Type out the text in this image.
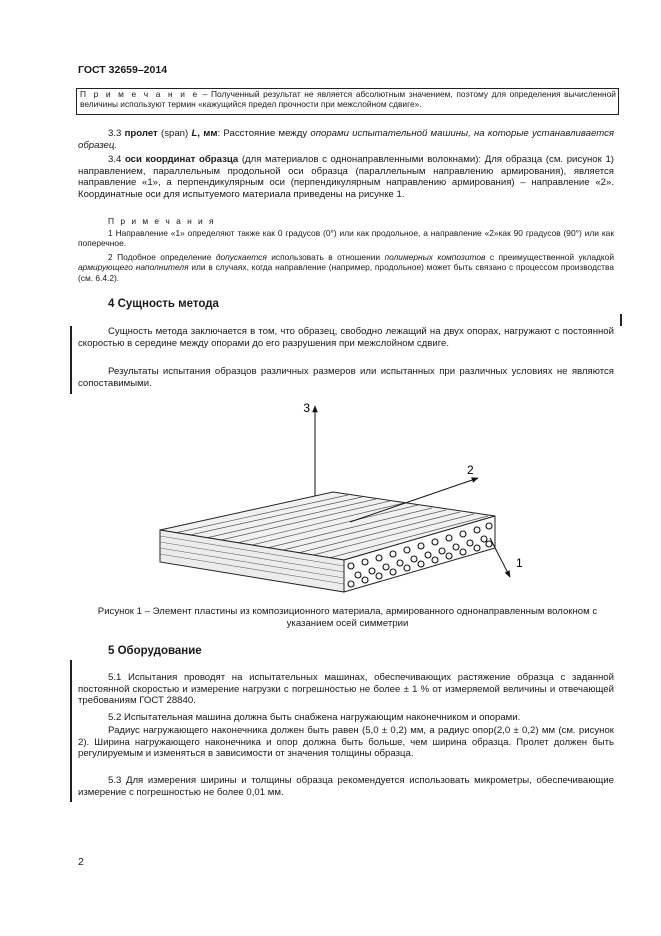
ГОСТ 32659–2014
П р и м е ч а н и е – Полученный результат не является абсолютным значением, поэтому для определения вычисленной величины используют термин «кажущийся предел прочности при межслойном сдвиге».
3.3 пролет (span) L, мм: Расстояние между опорами испытательной машины, на которые устанавливается образец.
3.4 оси координат образца (для материалов с однонаправленными волокнами): Для образца (см. рисунок 1) направлением, параллельным продольной оси образца (параллельным направлению армирования), является направление «1», а перпендикулярным оси (перпендикулярным направлению армирования) – направление «2». Координатные оси для испытуемого материала приведены на рисунке 1.
П р и м е ч а н и я
1 Направление «1» определяют также как 0 градусов (0°) или как продольное, а направление «2»как 90 градусов (90°) или как поперечное.
2 Подобное определение допускается использовать в отношении полимерных композитов с преимущественной укладкой армирующего наполнителя или в случаях, когда направление (например, продольное) может быть связано с процессом производства (см. 6.4.2).
4 Сущность метода
Сущность метода заключается в том, что образец, свободно лежащий на двух опорах, нагружают с постоянной скоростью в середине между опорами до его разрушения при межслойном сдвиге.
Результаты испытания образцов различных размеров или испытанных при различных условиях не являются сопоставимыми.
3
2
1
Рисунок 1 – Элемент пластины из композиционного материала, армированного однонаправленным волокном с указанием осей симметрии
5 Оборудование
5.1 Испытания проводят на испытательных машинах, обеспечивающих растяжение образца с заданной постоянной скоростью и измерение нагрузки с погрешностью не более ± 1 % от измеряемой величины и отвечающей требованиям ГОСТ 28840.
5.2 Испытательная машина должна быть снабжена нагружающим наконечником и опорами.
Радиус нагружающего наконечника должен быть равен (5,0 ± 0,2) мм, а радиус опор(2,0 ± 0,2) мм (см. рисунок 2). Ширина нагружающего наконечника и опор должна быть больше, чем ширина образца. Пролет должен быть регулируемым и изменяться в зависимости от значения толщины образца.
5.3 Для измерения ширины и толщины образца рекомендуется использовать микрометры, обеспечивающие измерение с погрешностью не более 0,01 мм.
2
